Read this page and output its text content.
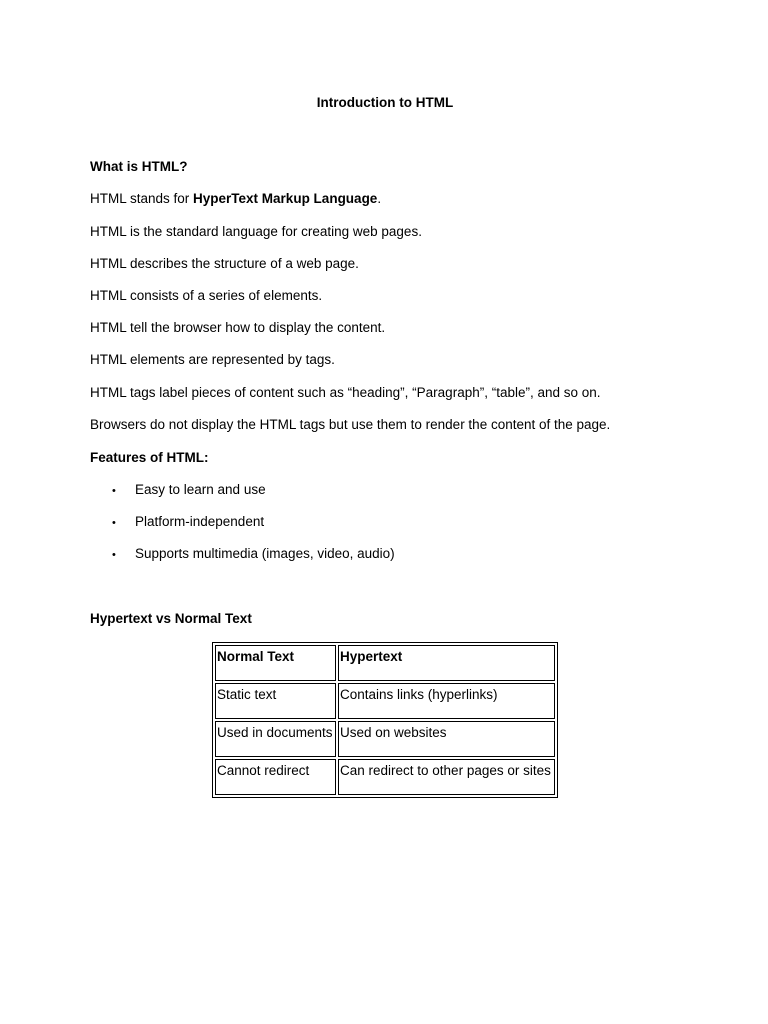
Introduction to HTML
What is HTML?
HTML stands for HyperText Markup Language.
HTML is the standard language for creating web pages.
HTML describes the structure of a web page.
HTML consists of a series of elements.
HTML tell the browser how to display the content.
HTML elements are represented by tags.
HTML tags label pieces of content such as “heading”, “Paragraph”, “table”, and so on.
Browsers do not display the HTML tags but use them to render the content of the page.
Features of HTML:
• Easy to learn and use
• Platform-independent
• Supports multimedia (images, video, audio)
Hypertext vs Normal Text
Normal Text	Hypertext
Static text	Contains links (hyperlinks)
Used in documents	Used on websites
Cannot redirect	Can redirect to other pages or sites
